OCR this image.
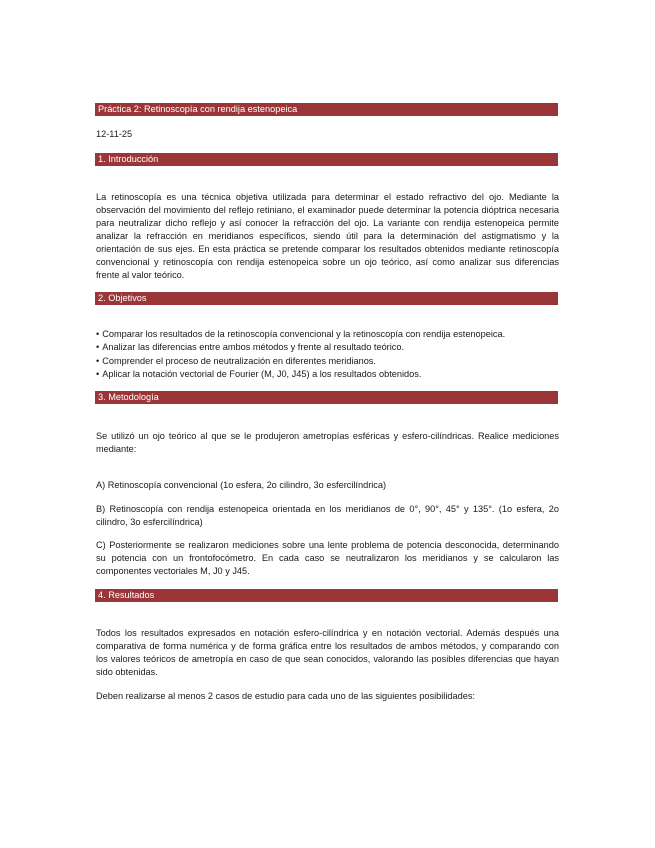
Práctica 2: Retinoscopía con rendija estenopeica
12-11-25
1. Introducción
La retinoscopía es una técnica objetiva utilizada para determinar el estado refractivo del ojo. Mediante la observación del movimiento del reflejo retiniano, el examinador puede determinar la potencia dióptrica necesaria para neutralizar dicho reflejo y así conocer la refracción del ojo. La variante con rendija estenopeica permite analizar la refracción en meridianos específicos, siendo útil para la determinación del astigmatismo y la orientación de sus ejes. En esta práctica se pretende comparar los resultados obtenidos mediante retinoscopía convencional y retinoscopía con rendija estenopeica sobre un ojo teórico, así como analizar sus diferencias frente al valor teórico.
2. Objetivos
• Comparar los resultados de la retinoscopía convencional y la retinoscopía con rendija estenopeica.
• Analizar las diferencias entre ambos métodos y frente al resultado teórico.
• Comprender el proceso de neutralización en diferentes meridianos.
• Aplicar la notación vectorial de Fourier (M, J0, J45) a los resultados obtenidos.
3. Metodología
Se utilizó un ojo teórico al que se le produjeron ametropías esféricas y esfero-cilíndricas. Realice mediciones mediante:
A) Retinoscopía convencional (1o esfera, 2o cilindro, 3o esfercilíndrica)
B) Retinoscopía con rendija estenopeica orientada en los meridianos de 0°, 90°, 45° y 135°. (1o esfera, 2o cilindro, 3o esfercilíndrica)
C) Posteriormente se realizaron mediciones sobre una lente problema de potencia desconocida, determinando su potencia con un frontofocómetro. En cada caso se neutralizaron los meridianos y se calcularon las componentes vectoriales M, J0 y J45.
4. Resultados
Todos los resultados expresados en notación esfero-cilíndrica y en notación vectorial. Además después una comparativa de forma numérica y de forma gráfica entre los resultados de ambos métodos, y comparando con los valores teóricos de ametropía en caso de que sean conocidos, valorando las posibles diferencias que hayan sido obtenidas.
Deben realizarse al menos 2 casos de estudio para cada uno de las siguientes posibilidades:
